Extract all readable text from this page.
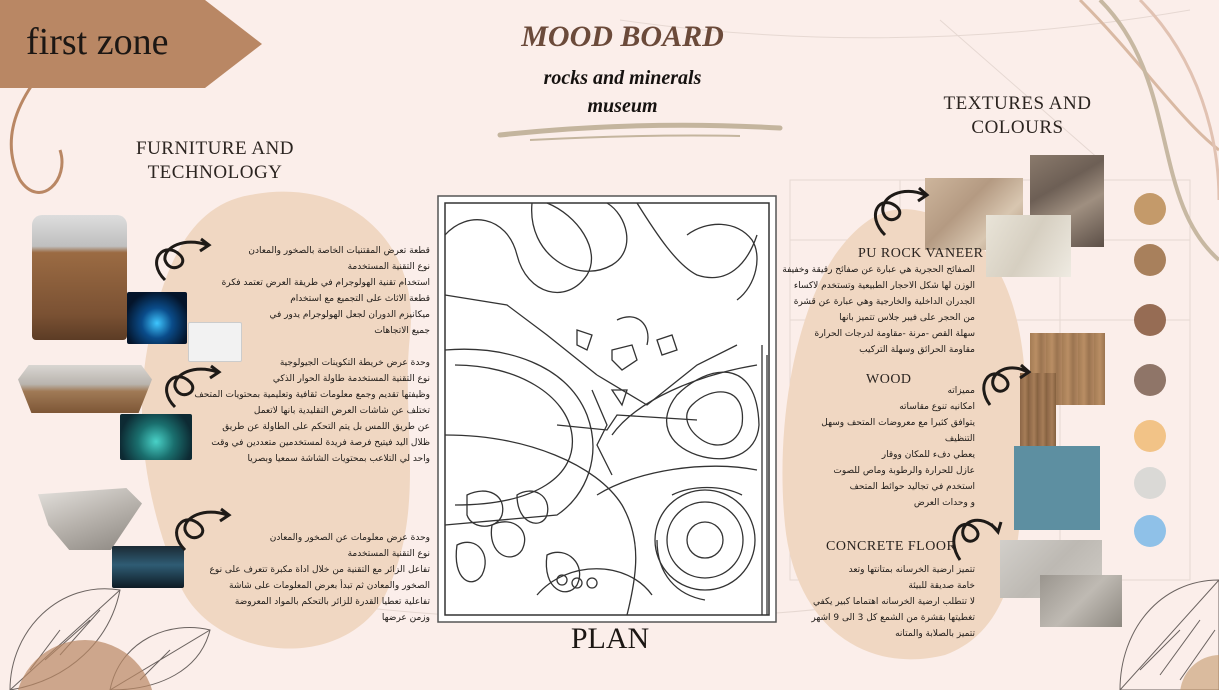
first zone	MOOD BOARD
rocks and minerals
museum
FURNITURE AND
TECHNOLOGY

قطعة تعرض المقتنيات الخاصة بالصخور والمعادن

نوع التقنية المستخدمة

استخدام تقنية الهولوجرام في طريقة العرض تعتمد فكرة

قطعة الاثاث على التجميع مع استخدام

ميكانيزم الدوران لجعل الهولوجرام يدور في

جميع الاتجاهات

وحدة عرض خريطة التكوينات الجيولوجية

نوع التقنية المستخدمة طاولة الحوار الذكي

وظيفتها تقديم وجمع معلومات ثقافية وتعليمية بمحتويات المتحف

تختلف عن شاشات العرض التقليدية بانها لاتعمل

عن طريق اللمس بل يتم التحكم على الطاولة عن طريق

ظلال اليد فيتيح فرصة فريدة لمستخدمين متعددين في وقت

واحد لي التلاعب بمحتويات الشاشة سمعيا وبصريا

وحدة عرض معلومات عن الصخور والمعادن

نوع التقنية المستخدمة

تفاعل الزائر مع التقنية من خلال اداة مكبرة تتعرف على نوع

الصخور والمعادن ثم تبدأ بعرض المعلومات على شاشة

تفاعلية تعطيا القدرة للزائر بالتحكم بالمواد المعروضة

وزمن عرضها

PLAN
TEXTURES AND
COLOURS
PU ROCK VANEER

الصفائح الحجرية هي عبارة عن صفائح رقيقة وخفيفة

الوزن لها شكل الاحجار الطبيعية وتستخدم لاكساء

الجدران الداخلية والخارجية وهي عبارة عن قشرة

من الحجر على فيبر جلاس تتميز بانها

سهلة القص -مرنة -مقاومة لدرجات الحرارة

مقاومة الحرائق وسهلة التركيب

WOOD

مميزاته

امكانيه تنوع مقاساته

يتوافق كثيرا مع معروضات المتحف وسهل

التنظيف

يعطي دفء للمكان ووقار

عازل للحرارة والرطوبة وماص للصوت

استخدم في تجاليد حوائط المتحف

و وحدات العرض

CONCRETE FLOOR

تتميز ارضية الخرسانه بمتانتها وتعد

خامة صديقة للبيئة

لا تتطلب ارضية الخرسانه اهتماما كبير يكفي

تغطيتها بقشرة من الشمع كل 3 الى 9 اشهر

تتميز بالصلابة والمتانه
